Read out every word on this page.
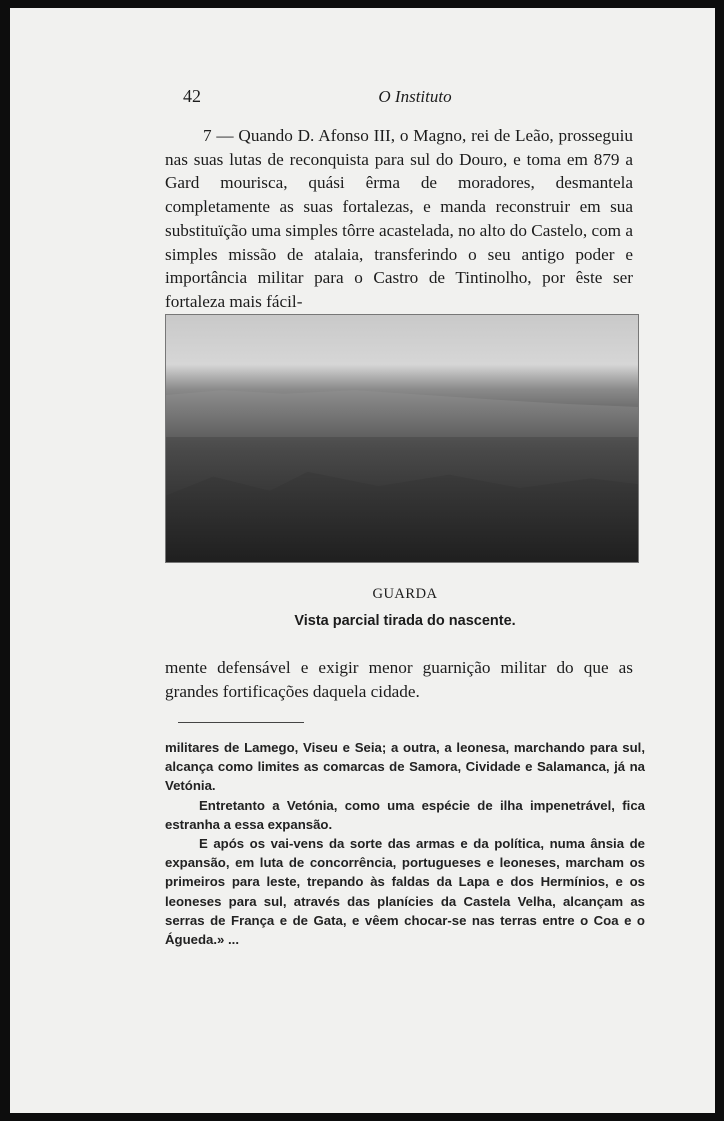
42	O Instituto

7 — Quando D. Afonso III, o Magno, rei de Leão, prosseguiu nas suas lutas de reconquista para sul do Douro, e toma em 879 a Gard mourisca, quási êrma de moradores, desmantela completamente as suas fortalezas, e manda reconstruir em sua substituïção uma simples tôrre acastelada, no alto do Castelo, com a simples missão de atalaia, transferindo o seu antigo poder e importância militar para o Castro de Tintinolho, por êste ser fortaleza mais fácil-

GUARDA
Vista parcial tirada do nascente.

mente defensável e exigir menor guarnição militar do que as grandes fortificações daquela cidade.

militares de Lamego, Viseu e Seia; a outra, a leonesa, marchando para sul, alcança como limites as comarcas de Samora, Cividade e Salamanca, já na Vetónia.

Entretanto a Vetónia, como uma espécie de ilha impenetrável, fica estranha a essa expansão.

E após os vai-vens da sorte das armas e da política, numa ânsia de expansão, em luta de concorrência, portugueses e leoneses, marcham os primeiros para leste, trepando às faldas da Lapa e dos Hermínios, e os leoneses para sul, através das planícies da Castela Velha, alcançam as serras de França e de Gata, e vêem chocar-se nas terras entre o Coa e o Águeda.» ...
